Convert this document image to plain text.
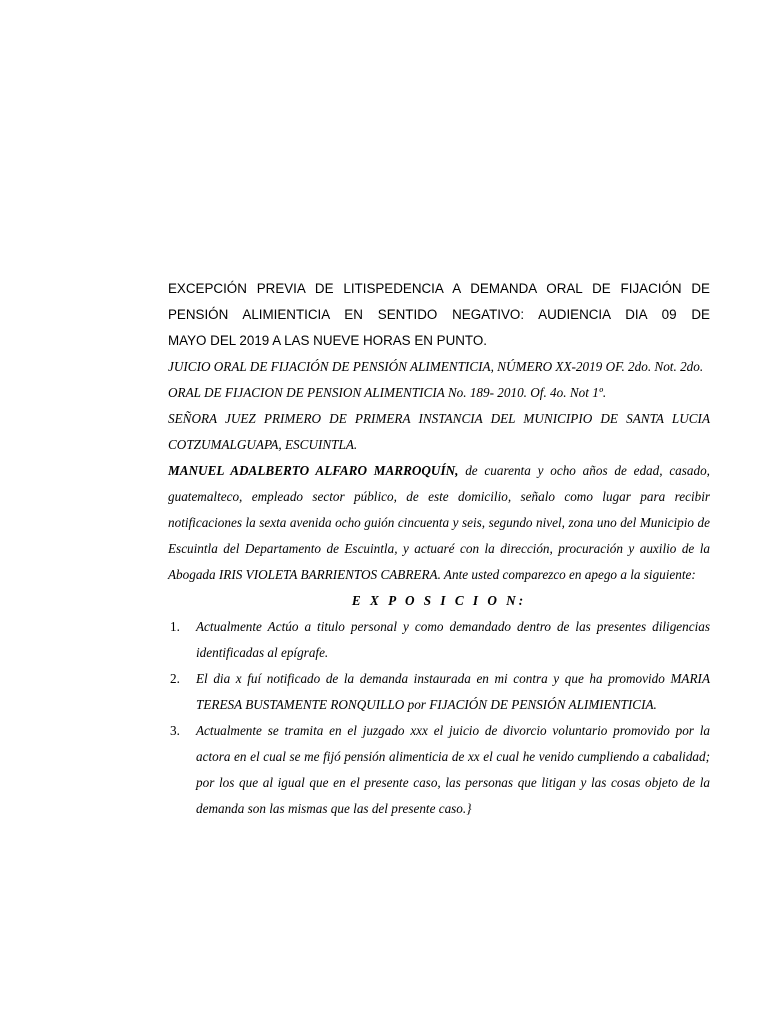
EXCEPCIÓN PREVIA DE LITISPEDENCIA A DEMANDA ORAL DE FIJACIÓN DE

PENSIÓN ALIMIENTICIA EN SENTIDO NEGATIVO: AUDIENCIA DIA 09 DE

MAYO DEL 2019 A LAS NUEVE HORAS EN PUNTO.

JUICIO ORAL DE FIJACIÓN DE PENSIÓN ALIMENTICIA, NÚMERO XX-2019 OF. 2do. Not. 2do.

ORAL DE FIJACION DE PENSION ALIMENTICIA No. 189- 2010. Of. 4o. Not 1º.

SEÑORA JUEZ PRIMERO DE PRIMERA INSTANCIA DEL MUNICIPIO DE SANTA LUCIA COTZUMALGUAPA, ESCUINTLA.

MANUEL ADALBERTO ALFARO MARROQUÍN, de cuarenta y ocho años de edad, casado, guatemalteco, empleado sector público, de este domicilio, señalo como lugar para recibir notificaciones la sexta avenida ocho guión cincuenta y seis, segundo nivel, zona uno del Municipio de Escuintla del Departamento de Escuintla, y actuaré con la dirección, procuración y auxilio de la Abogada IRIS VIOLETA BARRIENTOS CABRERA. Ante usted comparezco en apego a la siguiente:

E X P O S I C I O N:

1. Actualmente Actúo a titulo personal y como demandado dentro de las presentes diligencias identificadas al epígrafe.
2. El dia x fuí notificado de la demanda instaurada en mi contra y que ha promovido MARIA TERESA BUSTAMENTE RONQUILLO por FIJACIÓN DE PENSIÓN ALIMIENTICIA.
3. Actualmente se tramita en el juzgado xxx el juicio de divorcio voluntario promovido por la actora en el cual se me fijó pensión alimenticia de xx el cual he venido cumpliendo a cabalidad; por los que al igual que en el presente caso, las personas que litigan y las cosas objeto de la demanda son las mismas que las del presente caso.}
